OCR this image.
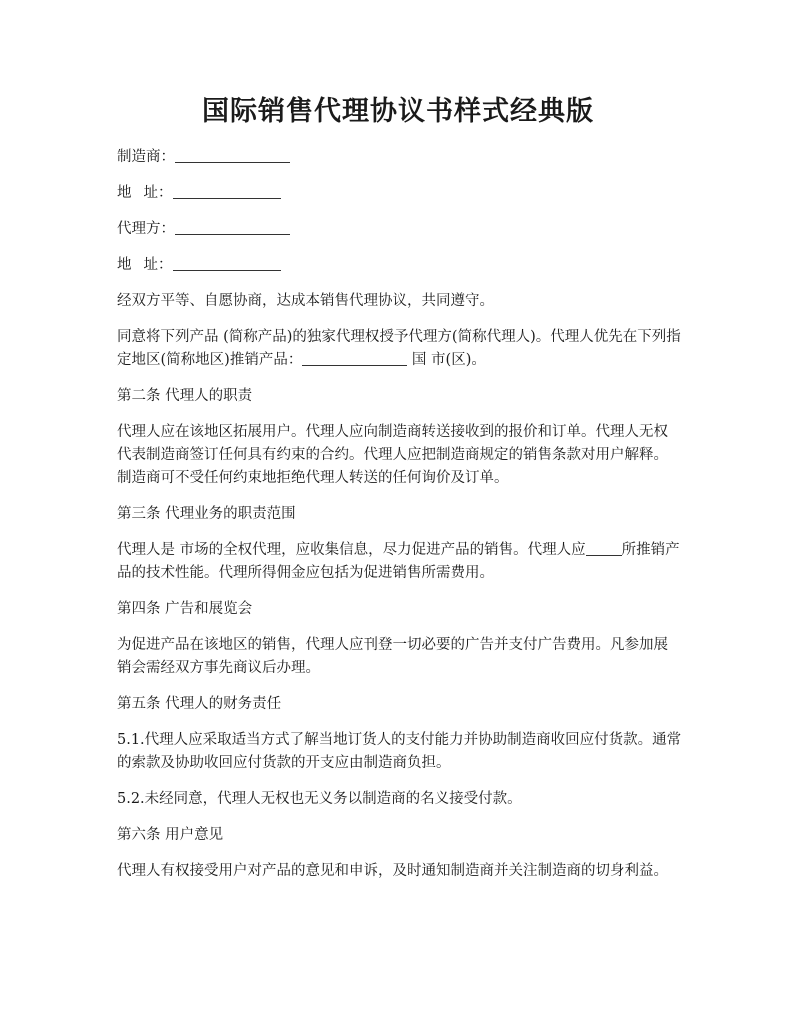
国际销售代理协议书样式经典版

制造商：

地 址：

代理方：

地 址：

经双方平等、自愿协商，达成本销售代理协议，共同遵守。

同意将下列产品 (简称产品)的独家代理权授予代理方(简称代理人)。代理人优先在下列指定地区(简称地区)推销产品：	国 市(区)。

第二条 代理人的职责

代理人应在该地区拓展用户。代理人应向制造商转送接收到的报价和订单。代理人无权代表制造商签订任何具有约束的合约。代理人应把制造商规定的销售条款对用户解释。制造商可不受任何约束地拒绝代理人转送的任何询价及订单。

第三条 代理业务的职责范围

代理人是 市场的全权代理，应收集信息，尽力促进产品的销售。代理人应 所推销产品的技术性能。代理所得佣金应包括为促进销售所需费用。

第四条 广告和展览会

为促进产品在该地区的销售，代理人应刊登一切必要的广告并支付广告费用。凡参加展销会需经双方事先商议后办理。

第五条 代理人的财务责任

5.1.代理人应采取适当方式了解当地订货人的支付能力并协助制造商收回应付货款。通常的索款及协助收回应付货款的开支应由制造商负担。

5.2.未经同意，代理人无权也无义务以制造商的名义接受付款。

第六条 用户意见

代理人有权接受用户对产品的意见和申诉，及时通知制造商并关注制造商的切身利益。
